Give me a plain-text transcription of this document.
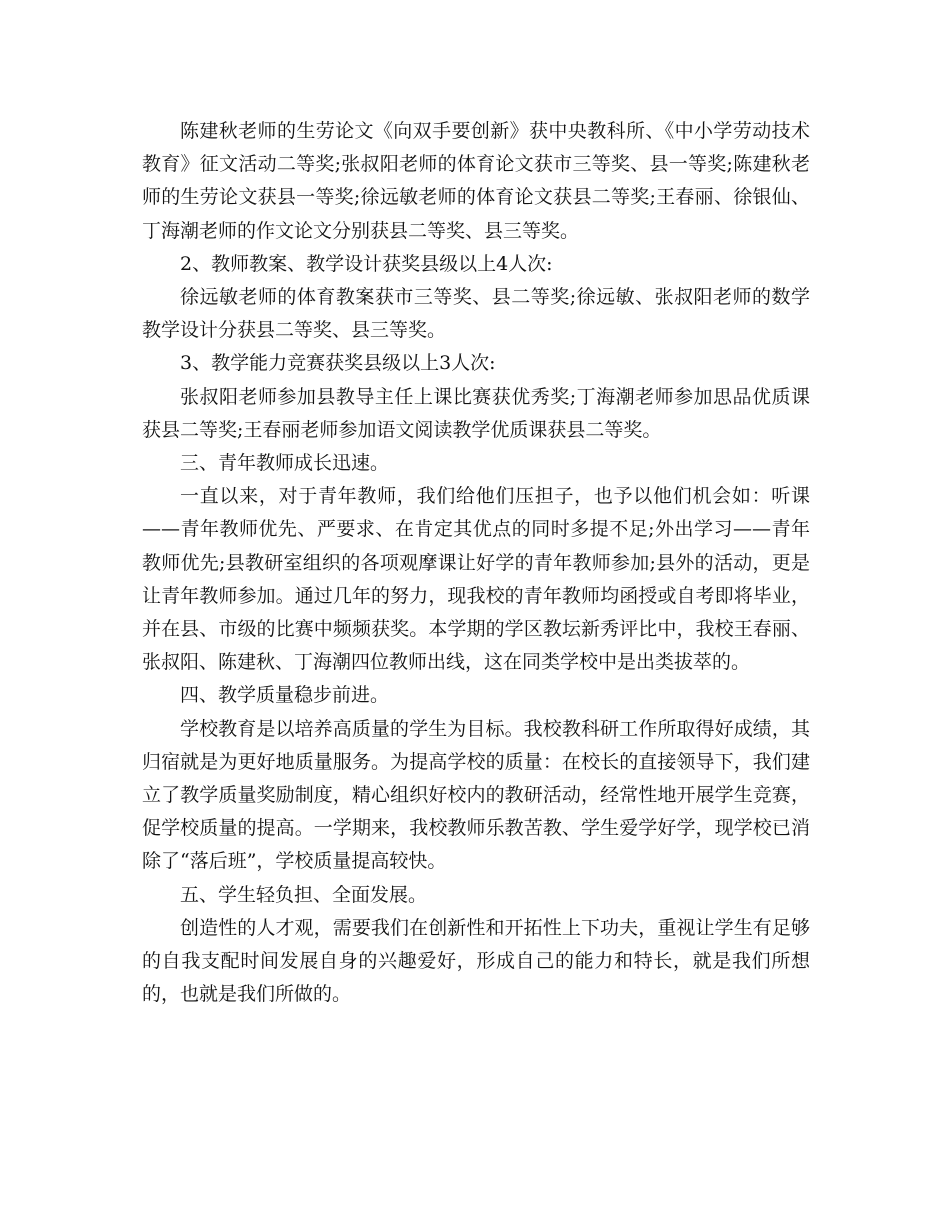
陈建秋老师的生劳论文《向双手要创新》获中央教科所、《中小学劳动技术教育》征文活动二等奖;张叔阳老师的体育论文获市三等奖、县一等奖;陈建秋老师的生劳论文获县一等奖;徐远敏老师的体育论文获县二等奖;王春丽、徐银仙、丁海潮老师的作文论文分别获县二等奖、县三等奖。

2、教师教案、教学设计获奖县级以上4人次:

徐远敏老师的体育教案获市三等奖、县二等奖;徐远敏、张叔阳老师的数学教学设计分获县二等奖、县三等奖。

3、教学能力竞赛获奖县级以上3人次:

张叔阳老师参加县教导主任上课比赛获优秀奖;丁海潮老师参加思品优质课获县二等奖;王春丽老师参加语文阅读教学优质课获县二等奖。

三、青年教师成长迅速。

一直以来，对于青年教师，我们给他们压担子，也予以他们机会如：听课——青年教师优先、严要求、在肯定其优点的同时多提不足;外出学习——青年教师优先;县教研室组织的各项观摩课让好学的青年教师参加;县外的活动，更是让青年教师参加。通过几年的努力，现我校的青年教师均函授或自考即将毕业，并在县、市级的比赛中频频获奖。本学期的学区教坛新秀评比中，我校王春丽、张叔阳、陈建秋、丁海潮四位教师出线，这在同类学校中是出类拔萃的。

四、教学质量稳步前进。

学校教育是以培养高质量的学生为目标。我校教科研工作所取得好成绩，其归宿就是为更好地质量服务。为提高学校的质量：在校长的直接领导下，我们建立了教学质量奖励制度，精心组织好校内的教研活动，经常性地开展学生竞赛，促学校质量的提高。一学期来，我校教师乐教苦教、学生爱学好学，现学校已消除了“落后班”，学校质量提高较快。

五、学生轻负担、全面发展。

创造性的人才观，需要我们在创新性和开拓性上下功夫，重视让学生有足够的自我支配时间发展自身的兴趣爱好，形成自己的能力和特长，就是我们所想的，也就是我们所做的。
